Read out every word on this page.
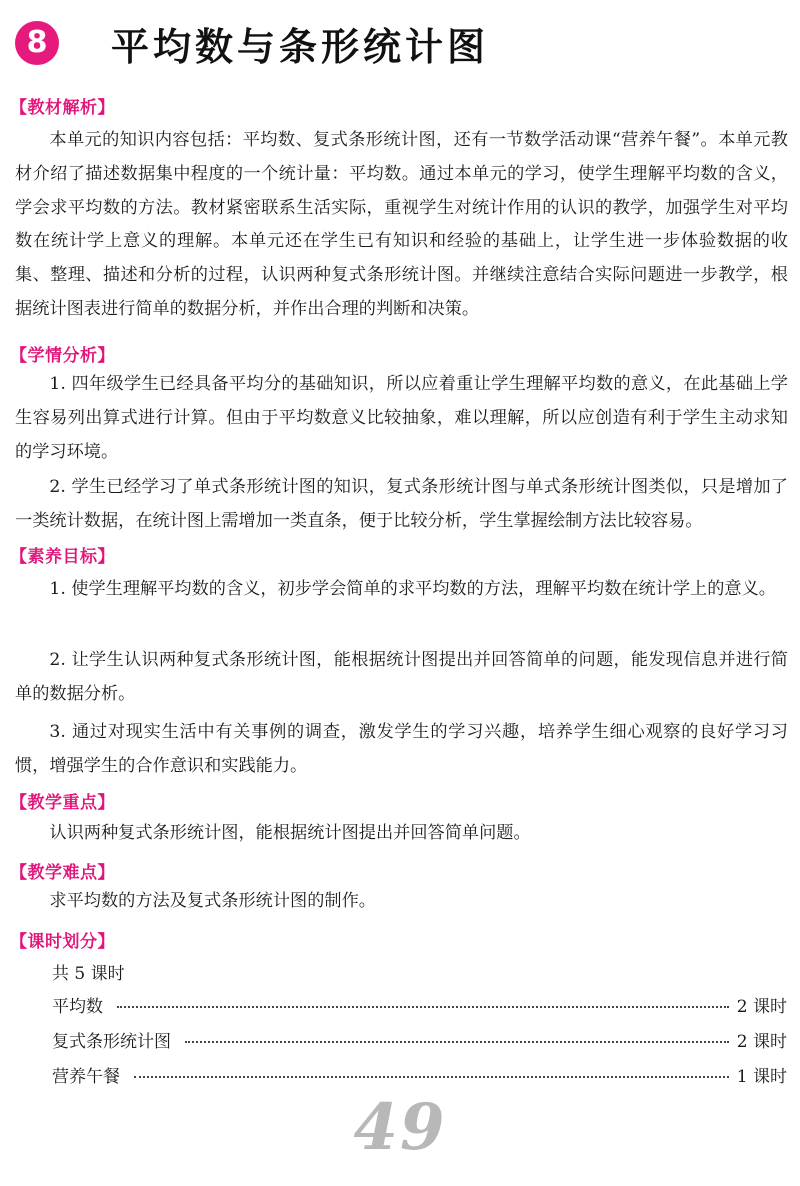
8	平均数与条形统计图
【教材解析】
本单元的知识内容包括：平均数、复式条形统计图，还有一节数学活动课“营养午餐”。本单元教材介绍了描述数据集中程度的一个统计量：平均数。通过本单元的学习，使学生理解平均数的含义，学会求平均数的方法。教材紧密联系生活实际，重视学生对统计作用的认识的教学，加强学生对平均数在统计学上意义的理解。本单元还在学生已有知识和经验的基础上，让学生进一步体验数据的收集、整理、描述和分析的过程，认识两种复式条形统计图。并继续注意结合实际问题进一步教学，根据统计图表进行简单的数据分析，并作出合理的判断和决策。
【学情分析】
1. 四年级学生已经具备平均分的基础知识，所以应着重让学生理解平均数的意义，在此基础上学生容易列出算式进行计算。但由于平均数意义比较抽象，难以理解，所以应创造有利于学生主动求知的学习环境。
2. 学生已经学习了单式条形统计图的知识，复式条形统计图与单式条形统计图类似，只是增加了一类统计数据，在统计图上需增加一类直条，便于比较分析，学生掌握绘制方法比较容易。
【素养目标】
1. 使学生理解平均数的含义，初步学会简单的求平均数的方法，理解平均数在统计学上的意义。
2. 让学生认识两种复式条形统计图，能根据统计图提出并回答简单的问题，能发现信息并进行简单的数据分析。
3. 通过对现实生活中有关事例的调查，激发学生的学习兴趣，培养学生细心观察的良好学习习惯，增强学生的合作意识和实践能力。
【教学重点】
认识两种复式条形统计图，能根据统计图提出并回答简单问题。
【教学难点】
求平均数的方法及复式条形统计图的制作。
【课时划分】
共 5 课时
平均数	2 课时
复式条形统计图	2 课时
营养午餐	1 课时
49
